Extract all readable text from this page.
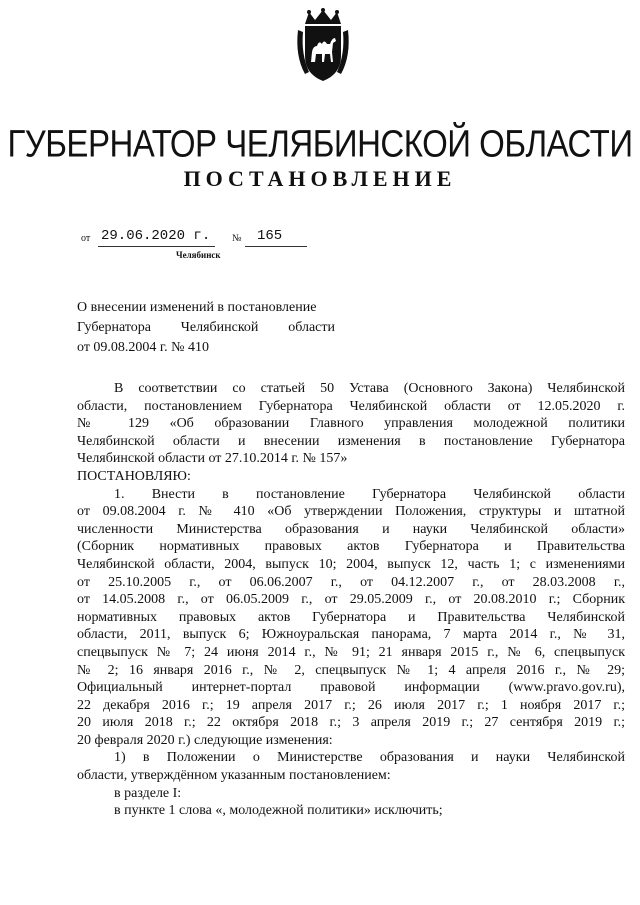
ГУБЕРНАТОР ЧЕЛЯБИНСКОЙ ОБЛАСТИ
ПОСТАНОВЛЕНИЕ
от 29.06.2020 г. № 165
Челябинск
О внесении изменений в постановление
Губернатора Челябинской области
от 09.08.2004 г. № 410

В соответствии со статьей 50 Устава (Основного Закона) Челябинской

области, постановлением Губернатора Челябинской области от 12.05.2020 г.

№ 129 «Об образовании Главного управления молодежной политики

Челябинской области и внесении изменения в постановление Губернатора

Челябинской области от 27.10.2014 г. № 157»

ПОСТАНОВЛЯЮ:

1. Внести в постановление Губернатора Челябинской области

от 09.08.2004 г. № 410 «Об утверждении Положения, структуры и штатной

численности Министерства образования и науки Челябинской области»

(Сборник нормативных правовых актов Губернатора и Правительства

Челябинской области, 2004, выпуск 10; 2004, выпуск 12, часть 1; с изменениями

от 25.10.2005 г., от 06.06.2007 г., от 04.12.2007 г., от 28.03.2008 г.,

от 14.05.2008 г., от 06.05.2009 г., от 29.05.2009 г., от 20.08.2010 г.; Сборник

нормативных правовых актов Губернатора и Правительства Челябинской

области, 2011, выпуск 6; Южноуральская панорама, 7 марта 2014 г., № 31,

спецвыпуск № 7; 24 июня 2014 г., № 91; 21 января 2015 г., № 6, спецвыпуск

№ 2; 16 января 2016 г., № 2, спецвыпуск № 1; 4 апреля 2016 г., № 29;

Официальный интернет-портал правовой информации (www.pravo.gov.ru),

22 декабря 2016 г.; 19 апреля 2017 г.; 26 июля 2017 г.; 1 ноября 2017 г.;

20 июля 2018 г.; 22 октября 2018 г.; 3 апреля 2019 г.; 27 сентября 2019 г.;

20 февраля 2020 г.) следующие изменения:

1) в Положении о Министерстве образования и науки Челябинской

области, утверждённом указанным постановлением:

в разделе I:

в пункте 1 слова «, молодежной политики» исключить;
